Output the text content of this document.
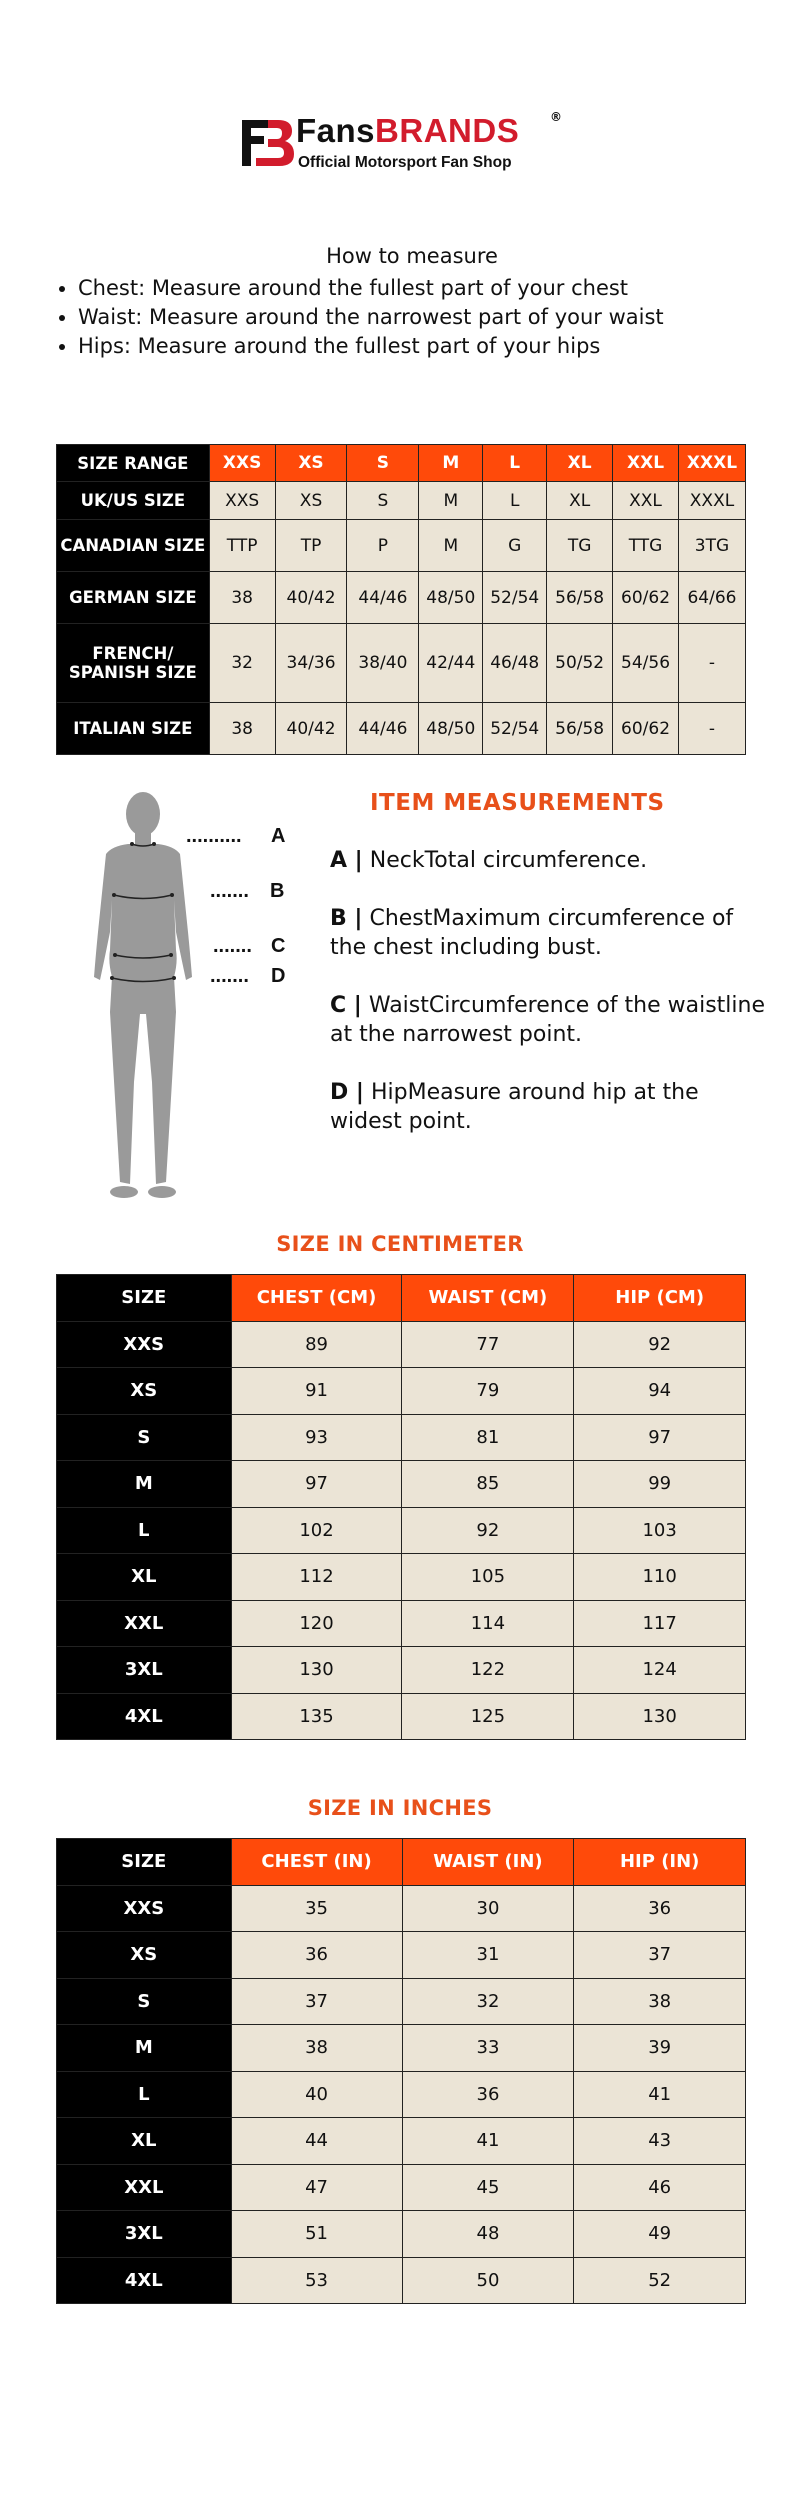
FansBRANDS	®
Official Motorsport Fan Shop
How to measure
• Chest: Measure around the fullest part of your chest
• Waist: Measure around the narrowest part of your waist
• Hips: Measure around the fullest part of your hips
SIZE RANGE	XXS	XS	S	M	L	XL	XXL	XXXL
UK/US SIZE	XXS	XS	S	M	L	XL	XXL	XXXL
CANADIAN SIZE	TTP	TP	P	M	G	TG	TTG	3TG
GERMAN SIZE	38	40/42	44/46	48/50	52/54	56/58	60/62	64/66
FRENCH/ SPANISH SIZE	32	34/36	38/40	42/44	46/48	50/52	54/56	-
ITALIAN SIZE	38	40/42	44/46	48/50	52/54	56/58	60/62	-
.......... A
....... B
....... C
....... D
ITEM MEASUREMENTS
A | NeckTotal circumference.
B | ChestMaximum circumference of the chest including bust.
C | WaistCircumference of the waistline at the narrowest point.
D | HipMeasure around hip at the widest point.
SIZE IN CENTIMETER
SIZE	CHEST (CM)	WAIST (CM)	HIP (CM)
XXS	89	77	92
XS	91	79	94
S	93	81	97
M	97	85	99
L	102	92	103
XL	112	105	110
XXL	120	114	117
3XL	130	122	124
4XL	135	125	130
SIZE IN INCHES
SIZE	CHEST (IN)	WAIST (IN)	HIP (IN)
XXS	35	30	36
XS	36	31	37
S	37	32	38
M	38	33	39
L	40	36	41
XL	44	41	43
XXL	47	45	46
3XL	51	48	49
4XL	53	50	52
